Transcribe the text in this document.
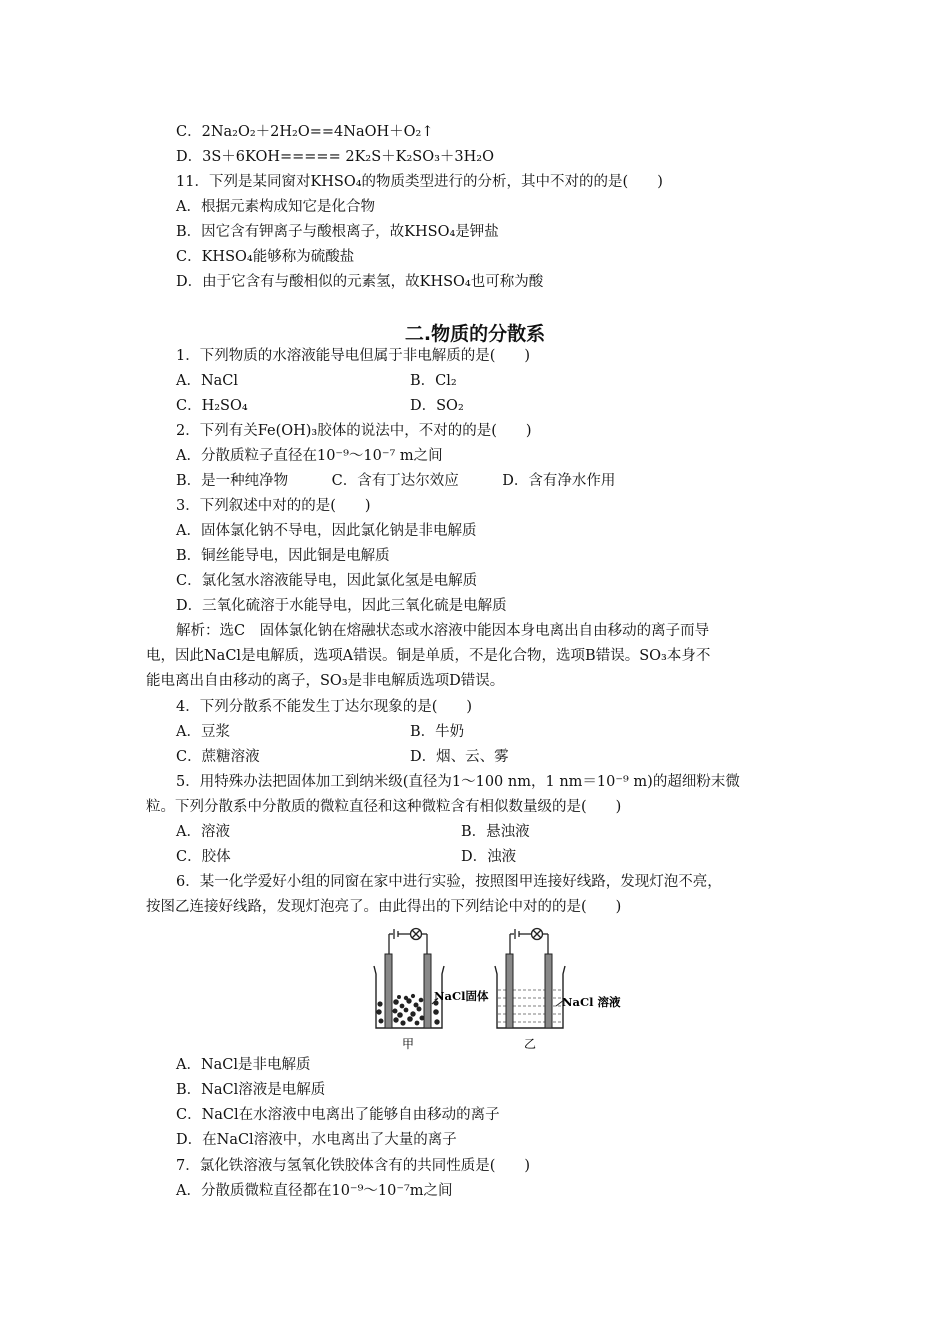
C．2Na₂O₂＋2H₂O==4NaOH＋O₂↑
D．3S＋6KOH===== 2K₂S＋K₂SO₃＋3H₂O
11．下列是某同窗对KHSO₄的物质类型进行的分析，其中不对的的是(　　)
A．根据元素构成知它是化合物
B．因它含有钾离子与酸根离子，故KHSO₄是钾盐
C．KHSO₄能够称为硫酸盐
D．由于它含有与酸相似的元素氢，故KHSO₄也可称为酸
二.物质的分散系
1．下列物质的水溶液能导电但属于非电解质的是(　　)
A．NaCl	B．Cl₂
C．H₂SO₄	D．SO₂
2．下列有关Fe(OH)₃胶体的说法中，不对的的是(　　)
A．分散质粒子直径在10⁻⁹～10⁻⁷ m之间
B．是一种纯净物　　　C．含有丁达尔效应　　　D．含有净水作用
3．下列叙述中对的的是(　　)
A．固体氯化钠不导电，因此氯化钠是非电解质
B．铜丝能导电，因此铜是电解质
C．氯化氢水溶液能导电，因此氯化氢是电解质
D．三氧化硫溶于水能导电，因此三氧化硫是电解质
解析：选C　固体氯化钠在熔融状态或水溶液中能因本身电离出自由移动的离子而导
电，因此NaCl是电解质，选项A错误。铜是单质，不是化合物，选项B错误。SO₃本身不
能电离出自由移动的离子，SO₃是非电解质选项D错误。
4．下列分散系不能发生丁达尔现象的是(　　)
A．豆浆	B．牛奶
C．蔗糖溶液	D．烟、云、雾
5．用特殊办法把固体加工到纳米级(直径为1～100 nm，1 nm＝10⁻⁹ m)的超细粉末微
粒。下列分散系中分散质的微粒直径和这种微粒含有相似数量级的是(　　)
A．溶液	B．悬浊液
C．胶体	D．浊液
6．某一化学爱好小组的同窗在家中进行实验，按照图甲连接好线路，发现灯泡不亮，
按图乙连接好线路，发现灯泡亮了。由此得出的下列结论中对的的是(　　)
NaCl固体
甲
NaCl 溶液
乙
A．NaCl是非电解质
B．NaCl溶液是电解质
C．NaCl在水溶液中电离出了能够自由移动的离子
D．在NaCl溶液中，水电离出了大量的离子
7．氯化铁溶液与氢氧化铁胶体含有的共同性质是(　　)
A．分散质微粒直径都在10⁻⁹～10⁻⁷m之间
